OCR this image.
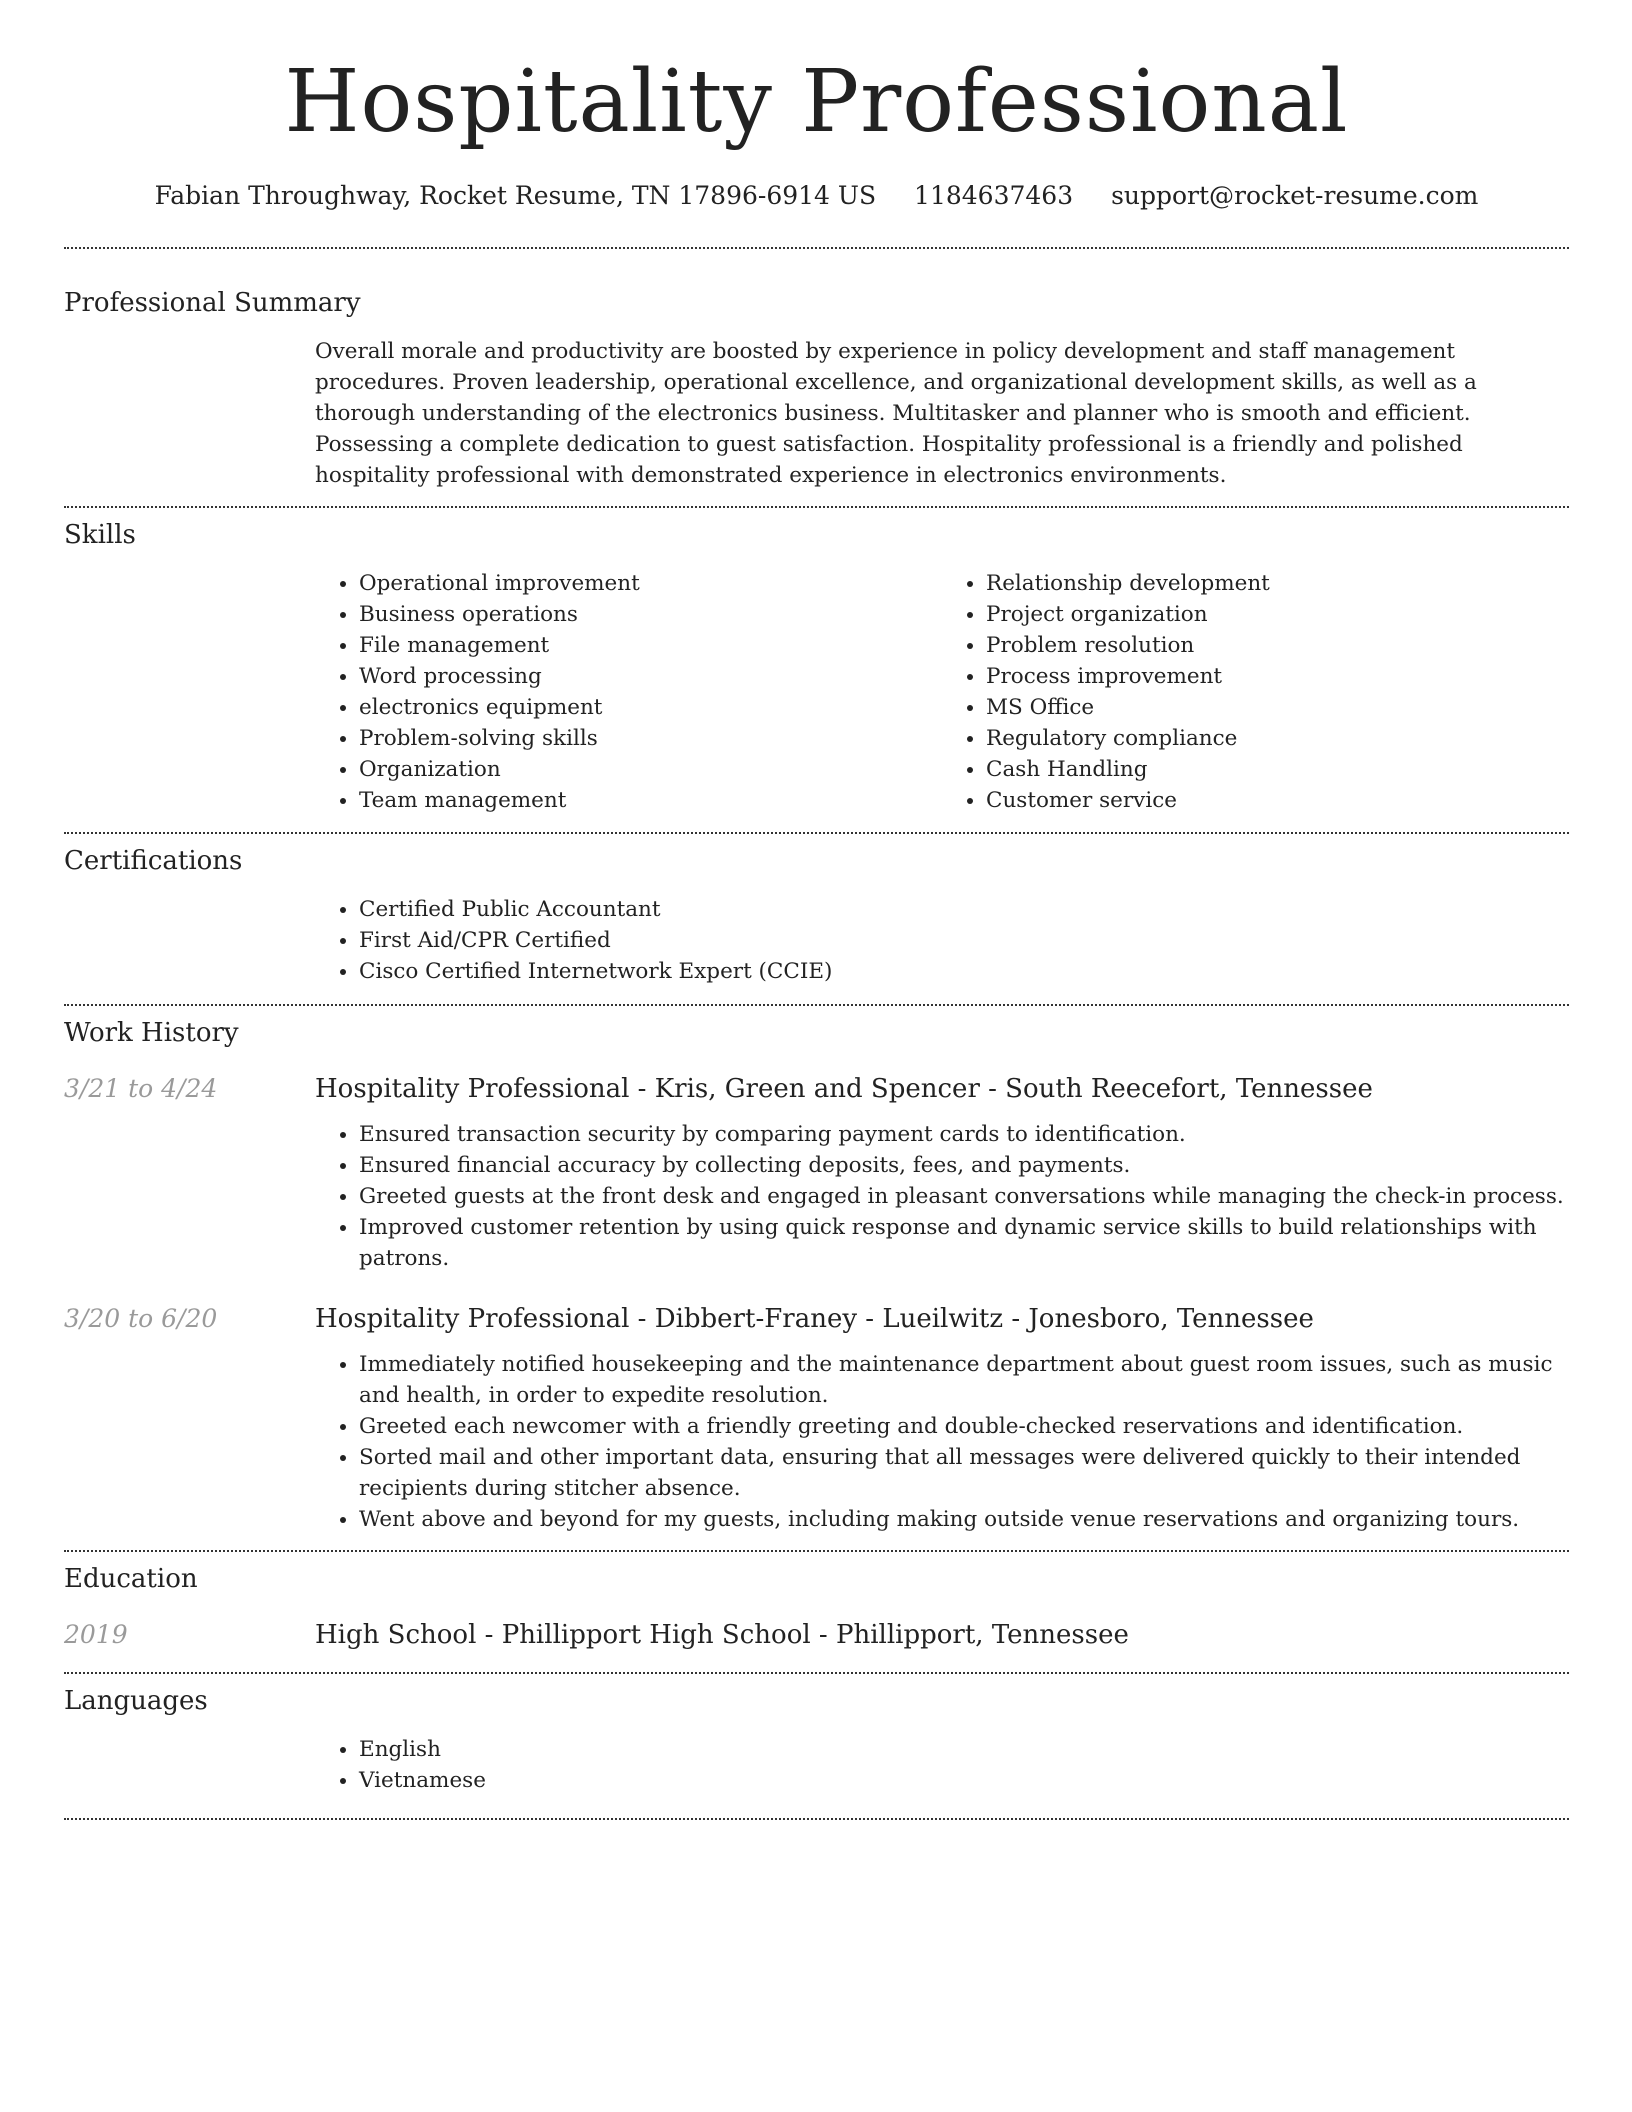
Hospitality Professional
Fabian Throughway, Rocket Resume, TN 17896-6914 US 1184637463 support@rocket-resume.com
Professional Summary

Overall morale and productivity are boosted by experience in policy development and staff management procedures. Proven leadership, operational excellence, and organizational development skills, as well as a thorough understanding of the electronics business. Multitasker and planner who is smooth and efficient. Possessing a complete dedication to guest satisfaction. Hospitality professional is a friendly and polished hospitality professional with demonstrated experience in electronics environments.

Skills
• Operational improvement
• Business operations
• File management
• Word processing
• electronics equipment
• Problem-solving skills
• Organization
• Team management
• Relationship development
• Project organization
• Problem resolution
• Process improvement
• MS Office
• Regulatory compliance
• Cash Handling
• Customer service
Certifications
• Certified Public Accountant
• First Aid/CPR Certified
• Cisco Certified Internetwork Expert (CCIE)
Work History
3/21 to 4/24	Hospitality Professional - Kris, Green and Spencer - South Reecefort, Tennessee
• Ensured transaction security by comparing payment cards to identification.
• Ensured financial accuracy by collecting deposits, fees, and payments.
• Greeted guests at the front desk and engaged in pleasant conversations while managing the check-in process.
• Improved customer retention by using quick response and dynamic service skills to build relationships with patrons.
3/20 to 6/20	Hospitality Professional - Dibbert-Franey - Lueilwitz - Jonesboro, Tennessee
• Immediately notified housekeeping and the maintenance department about guest room issues, such as music and health, in order to expedite resolution.
• Greeted each newcomer with a friendly greeting and double-checked reservations and identification.
• Sorted mail and other important data, ensuring that all messages were delivered quickly to their intended recipients during stitcher absence.
• Went above and beyond for my guests, including making outside venue reservations and organizing tours.
Education
2019	High School - Phillipport High School - Phillipport, Tennessee
Languages
• English
• Vietnamese
